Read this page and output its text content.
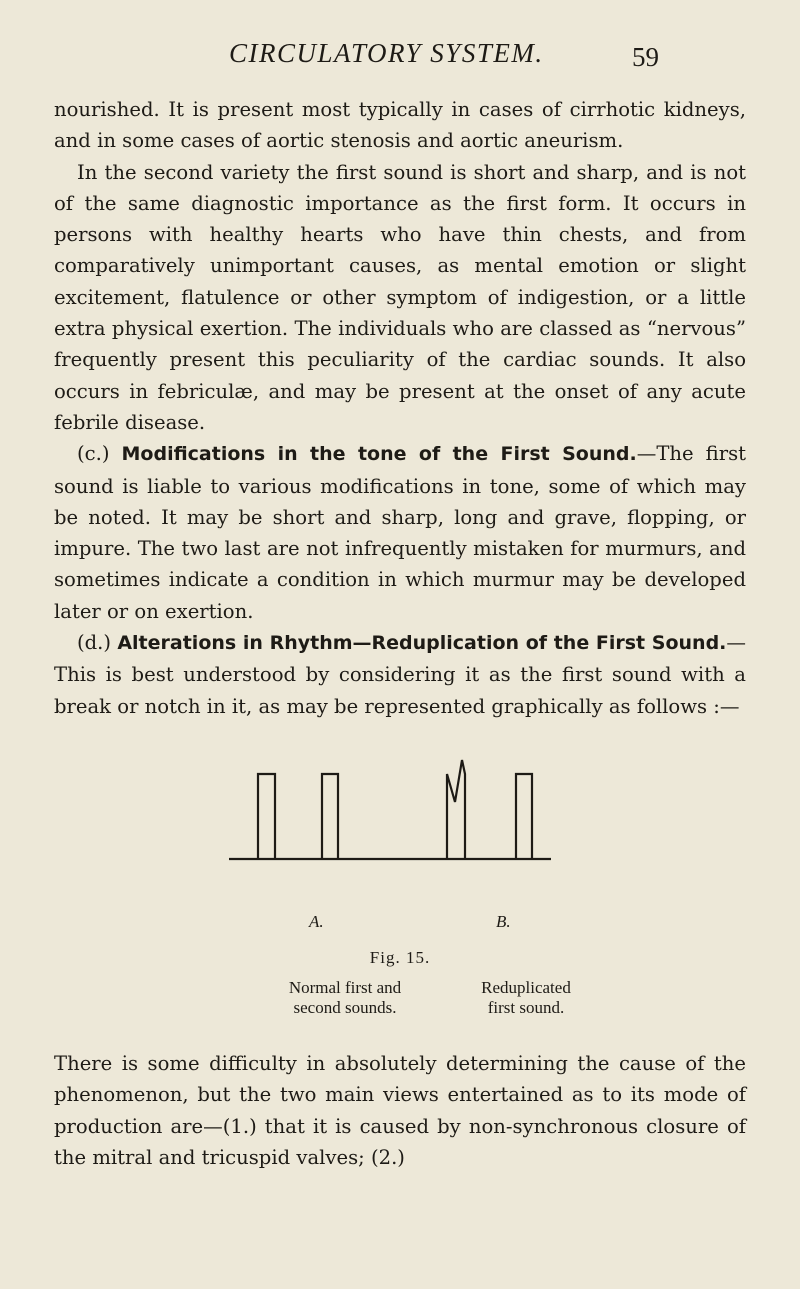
CIRCULATORY SYSTEM.	59

nourished. It is present most typically in cases of cirrhotic kidneys, and in some cases of aortic stenosis and aortic aneurism.

In the second variety the first sound is short and sharp, and is not of the same diagnostic importance as the first form. It occurs in persons with healthy hearts who have thin chests, and from comparatively unimportant causes, as mental emotion or slight excitement, flatulence or other symptom of indigestion, or a little extra physical exertion. The individuals who are classed as “nervous” frequently present this peculiarity of the cardiac sounds. It also occurs in febriculæ, and may be present at the onset of any acute febrile disease.

(c.) Modifications in the tone of the First Sound.—The first sound is liable to various modifications in tone, some of which may be noted. It may be short and sharp, long and grave, flopping, or impure. The two last are not infrequently mistaken for murmurs, and sometimes indicate a condition in which murmur may be developed later or on exertion.

(d.) Alterations in Rhythm—Reduplication of the First Sound.—This is best understood by considering it as the first sound with a break or notch in it, as may be represented graphically as follows :—

A.	B.
Fig. 15.
Normal first and
second sounds.
Reduplicated
first sound.

There is some difficulty in absolutely determining the cause of the phenomenon, but the two main views entertained as to its mode of production are—(1.) that it is caused by non-synchronous closure of the mitral and tricuspid valves; (2.)
